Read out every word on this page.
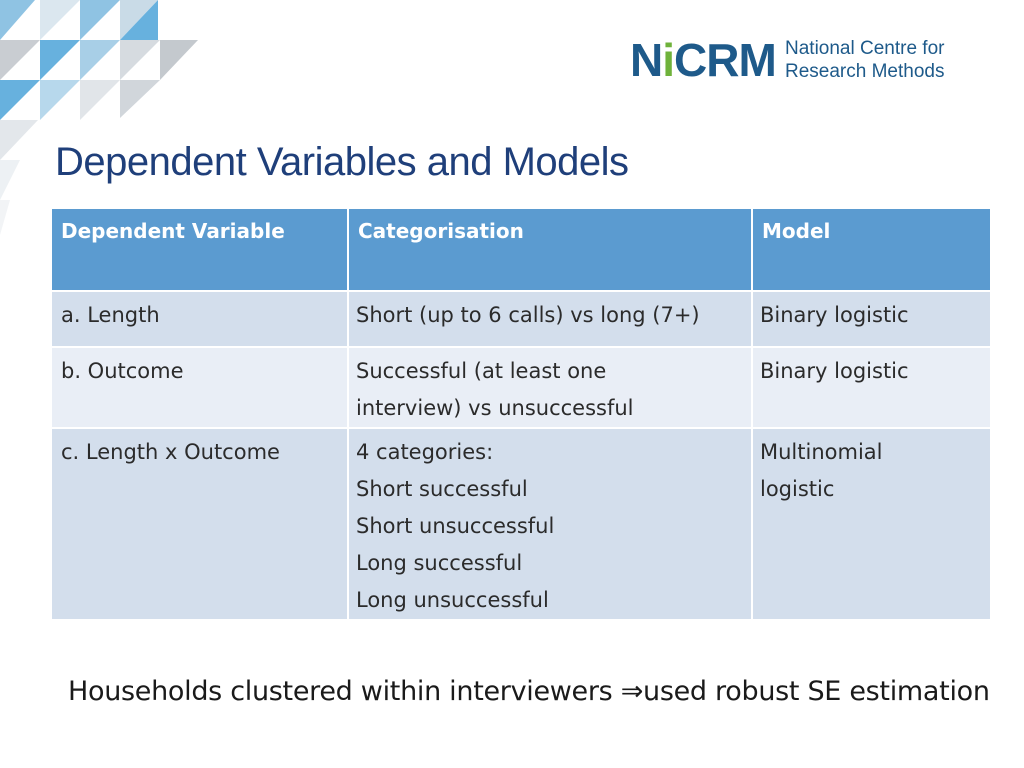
NiCRM National Centre for
Research Methods
Dependent Variables and Models
Dependent Variable	Categorisation	Model
a. Length	Short (up to 6 calls) vs long (7+)	Binary logistic

b. Outcome	Successful (at least one
interview) vs unsuccessful	Binary logistic

c. Length x Outcome	4 categories:
Short successful
Short unsuccessful
Long successful
Long unsuccessful	Multinomial
logistic
Households clustered within interviewers ⇒used robust SE estimation
